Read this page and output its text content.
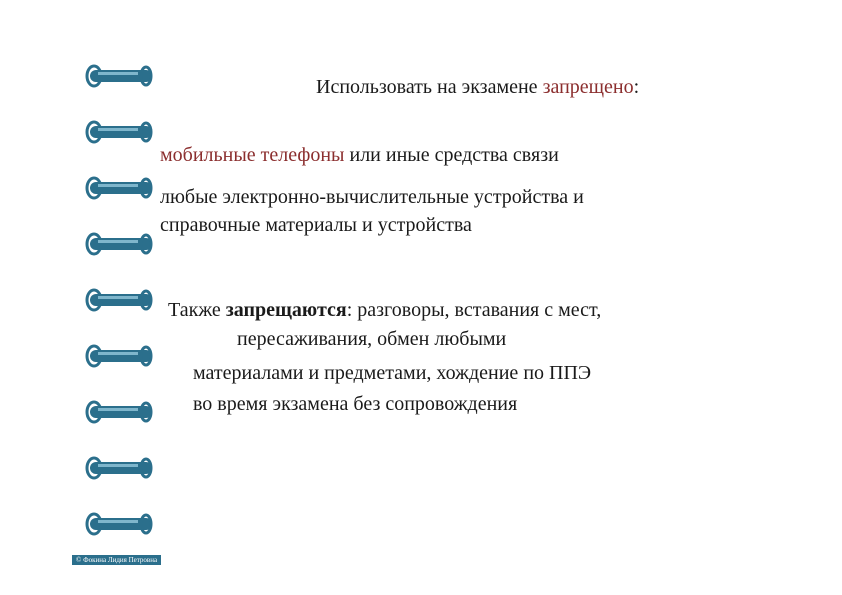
Использовать на экзамене запрещено:
мобильные телефоны или иные средства связи
любые электронно-вычислительные устройства и
справочные материалы и устройства
Также запрещаются: разговоры, вставания с мест,
пересаживания, обмен любыми
материалами и предметами, хождение по ППЭ
во время экзамена без сопровождения
© Фокина Лидия Петровна
